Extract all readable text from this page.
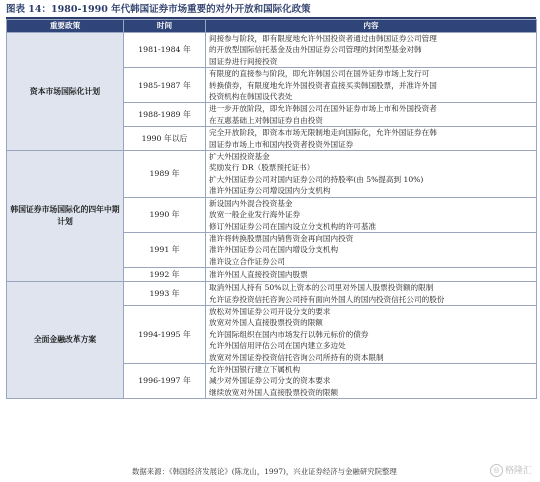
图表 14：1980-1990 年代韩国证券市场重要的对外开放和国际化政策
重要政策	时间	内容
资本市场国际化计划	1981-1984 年	间接参与阶段，即有限度地允许外国投资者通过由韩国证券公司管理
的开放型国际信托基金及由外国证券公司管理的封闭型基金对韩
国证券进行间接投资

	1985-1987 年	有限度的直接参与阶段，即允许韩国公司在国外证券市场上发行可
转换债券，有限度地允许外国投资者直接买卖韩国股票，并准许外国
投资机构在韩国设代表处

	1988-1989 年	进一步开放阶段，即允许韩国公司在国外证券市场上市和外国投资者
在互惠基础上对韩国证券自由投资

	1990 年以后	完全开放阶段，即资本市场无限制地走向国际化，允许外国证券在韩
国证券市场上市和国内投资者投资外国证券

韩国证券市场国际化的四年中期计划	1989 年	扩大外国投资基金
奖励发行 DR（股票预托证书）
扩大外国证券公司对国内证券公司的持股率(由 5%提高到 10%)
准许外国证券公司增设国内分支机构

	1990 年	新设国内外混合投资基金
放宽一般企业发行海外证券
修订外国证券公司在国内设立分支机构的许可基准

	1991 年	准许将转换股票国内销售资金再向国内投资
准许外国证券公司在国内增设分支机构
准许设立合作证券公司

	1992 年	准许外国人直接投资国内股票

全面金融改革方案	1993 年	取消外国人持有 50%以上资本的公司里对外国人股票投资额的限制
允许证券投资信托咨询公司持有面向外国人的国内投资信托公司的股份

	1994-1995 年	放松对外国证券公司开设分支的要求
放宽对外国人直接股票投资的限额
允许国际组织在国内市场发行以韩元标价的债券
允许外国信用评估公司在国内建立多边处
放宽对外国证券投资信托咨询公司所持有的资本限制

	1996-1997 年	允许外国银行建立下属机构
减少对外国证券公司分支的资本要求
继续放宽对外国人直接股票投资的限额
数据来源：《韩国经济发展论》(陈龙山，1997)，兴业证券经济与金融研究院整理	◎ 格隆汇
